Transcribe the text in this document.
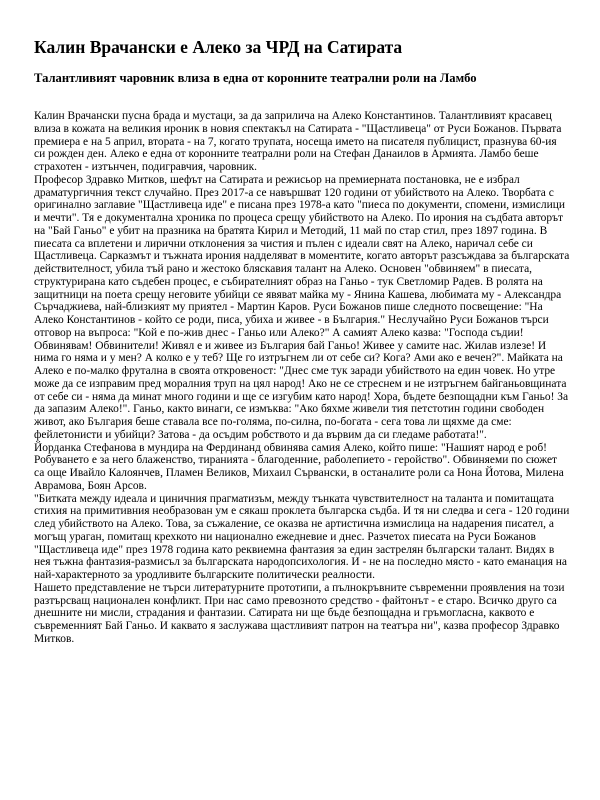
Калин Врачански е Алеко за ЧРД на Сатирата
Талантливият чаровник влиза в една от коронните театрални роли на Ламбо

Калин Врачански пусна брада и мустаци, за да заприлича на Алеко Константинов. Талантливият красавец влиза в кожата на великия ироник в новия спектакъл на Сатирата - "Щастливеца" от Руси Божанов. Първата премиера е на 5 април, втората - на 7, когато трупата, носеща името на писателя публицист, празнува 60-ия си рожден ден. Алеко е една от коронните театрални роли на Стефан Данаилов в Армията. Ламбо беше страхотен - изтънчен, подигравчия, чаровник.

Професор Здравко Митков, шефът на Сатирата и режисьор на премиерната постановка, не е избрал драматургичния текст случайно. През 2017-а се навършват 120 години от убийството на Алеко. Творбата с оригинално заглавие "Щастливеца иде" е писана през 1978-а като "пиеса по документи, спомени, измислици и мечти". Тя е документална хроника по процеса срещу убийството на Алеко. По ирония на съдбата авторът на "Бай Ганьо" е убит на празника на братята Кирил и Методий, 11 май по стар стил, през 1897 година. В пиесата са вплетени и лирични отклонения за чистия и пълен с идеали свят на Алеко, наричал себе си Щастливеца. Сарказмът и тъжната ирония надделяват в моментите, когато авторът разсъждава за българската действителност, убила тъй рано и жестоко бляскавия талант на Алеко. Основен "обвиняем" в пиесата, структурирана като съдебен процес, е събирателният образ на Ганьо - тук Светломир Радев. В ролята на защитници на поета срещу неговите убийци се явяват майка му - Янина Кашева, любимата му - Александра Сърчаджиева, най-близкият му приятел - Мартин Каров. Руси Божанов пише следното посвещение: "На Алеко Константинов - който се роди, писа, убиха и живее - в България." Неслучайно Руси Божанов търси отговор на въпроса: "Кой е по-жив днес - Ганьо или Алеко?" А самият Алеко казва: "Господа съдии! Обвинявам! Обвинители! Живял е и живее из България бай Ганьо! Живее у самите нас. Жилав излезе! И нима го няма и у мен? А колко е у теб? Ще го изтръгнем ли от себе си? Кога? Ами ако е вечен?". Майката на Алеко е по-малко фрутална в своята откровеност: "Днес сме тук заради убийството на един човек. Но утре може да се изправим пред моралния труп на цял народ! Ако не се стреснем и не изтръгнем байганьовщината от себе си - няма да минат много години и ще се изгубим като народ! Хора, бъдете безпощадни към Ганьо! За да запазим Алеко!". Ганьо, както винаги, се измъква: "Ако бяхме живели тия петстотин години свободен живот, ако България беше ставала все по-голяма, по-силна, по-богата - сега това ли щяхме да сме: фейлетонисти и убийци? Затова - да осъдим робството и да вървим да си гледаме работата!".

Йорданка Стефанова в мундира на Фердинанд обвинява самия Алеко, който пише: "Нашият народ е роб! Робуването е за него блаженство, тиранията - благоденние, раболепието - геройство". Обвиняеми по сюжет са още Ивайло Калоянчев, Пламен Великов, Михаил Сървански, в останалите роли са Нона Йотова, Милена Аврамова, Боян Арсов.

"Битката между идеала и циничния прагматизъм, между тънката чувствителност на таланта и помитащата стихия на примитивния необразован ум е сякаш проклета българска съдба. И тя ни следва и сега - 120 години след убийството на Алеко. Това, за съжаление, се оказва не артистична измислица на надарения писател, а могъщ ураган, помитащ крехкото ни национално ежедневие и днес. Разчетох пиесата на Руси Божанов "Щастливеца иде" през 1978 година като реквиемна фантазия за един застрелян български талант. Видях в нея тъжна фантазия-размисъл за българската народопсихология. И - не на последно място - като еманация на най-характерното за уродливите българските политически реалности.

Нашето представление не търси литературните прототипи, а пълнокръвните съвременни проявления на този разтърсващ национален конфликт. При нас само превозното средство - файтонът - е старо. Всичко друго са днешните ни мисли, страдания и фантазии. Сатирата ни ще бъде безпощадна и гръмогласна, каквото е съвременният Бай Ганьо. И каквато я заслужава щастливият патрон на театъра ни", казва професор Здравко Митков.
